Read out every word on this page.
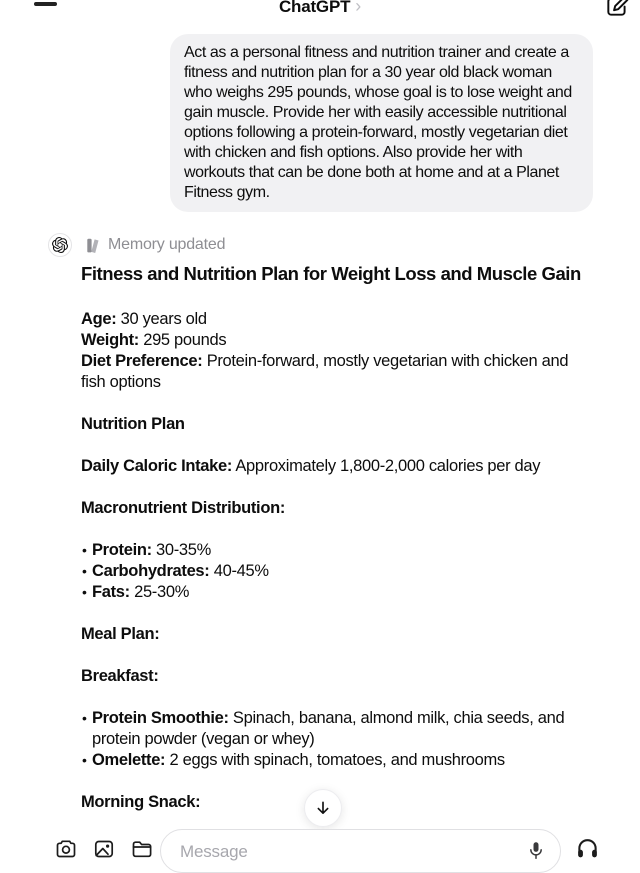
ChatGPT ›
Act as a personal fitness and nutrition trainer and create a fitness and nutrition plan for a 30 year old black woman who weighs 295 pounds, whose goal is to lose weight and gain muscle. Provide her with easily accessible nutritional options following a protein-forward, mostly vegetarian diet with chicken and fish options. Also provide her with workouts that can be done both at home and at a Planet Fitness gym.
Memory updated
Fitness and Nutrition Plan for Weight Loss and Muscle Gain
Age: 30 years old
Weight: 295 pounds
Diet Preference: Protein-forward, mostly vegetarian with chicken and fish options
Nutrition Plan
Daily Caloric Intake: Approximately 1,800-2,000 calories per day
Macronutrient Distribution:
• Protein: 30-35%
• Carbohydrates: 40-45%
• Fats: 25-30%
Meal Plan:
Breakfast:
• Protein Smoothie: Spinach, banana, almond milk, chia seeds, and protein powder (vegan or whey)
• Omelette: 2 eggs with spinach, tomatoes, and mushrooms
Morning Snack:
Message
